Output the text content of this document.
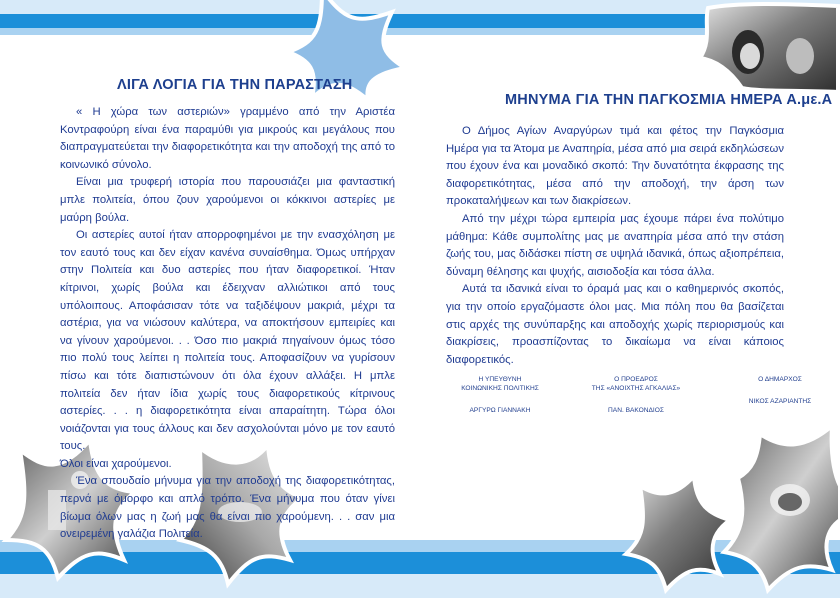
ΛΙΓΑ ΛΟΓΙΑ ΓΙΑ ΤΗΝ ΠΑΡΑΣΤΑΣΗ

« Η χώρα των αστεριών» γραμμένο από την Αριστέα Κοντραφούρη είναι ένα παραμύθι για μικρούς και μεγάλους που διαπραγματεύεται την διαφορετικότητα και την αποδοχή της από το κοινωνικό σύνολο.

Είναι μια τρυφερή ιστορία που παρουσιάζει μια φανταστική μπλε πολιτεία, όπου ζουν χαρούμενοι οι κόκκινοι αστερίες με μαύρη βούλα.

Οι αστερίες αυτοί ήταν απορροφημένοι με την ενασχόληση με τον εαυτό τους και δεν είχαν κανένα συναίσθημα. Όμως υπήρχαν στην Πολιτεία και δυο αστερίες που ήταν διαφορετικοί. Ήταν κίτρινοι, χωρίς βούλα και έδειχναν αλλιώτικοι από τους υπόλοιπους. Αποφάσισαν τότε να ταξιδέψουν μακριά, μέχρι τα αστέρια, για να νιώσουν καλύτερα, να αποκτήσουν εμπειρίες και να γίνουν χαρούμενοι. . . Όσο πιο μακριά πηγαίνουν όμως τόσο πιο πολύ τους λείπει η πολιτεία τους. Αποφασίζουν να γυρίσουν πίσω και τότε διαπιστώνουν ότι όλα έχουν αλλάξει. Η μπλε πολιτεία δεν ήταν ίδια χωρίς τους διαφορετικούς κίτρινους αστερίες. . . η διαφορετικότητα είναι απαραίτητη. Τώρα όλοι νοιάζονται για τους άλλους και δεν ασχολούνται μόνο με τον εαυτό τους.

Όλοι είναι χαρούμενοι.

Ένα σπουδαίο μήνυμα για την αποδοχή της διαφορετικότητας, περνά με όμορφο και απλό τρόπο. Ένα μήνυμα που όταν γίνει βίωμα όλων μας η ζωή μας θα είναι πιο χαρούμενη. . . σαν μια ονειρεμένη γαλάζια Πολιτεία.

ΜΗΝΥΜΑ ΓΙΑ ΤΗΝ ΠΑΓΚΟΣΜΙΑ ΗΜΕΡΑ Α.με.Α

Ο Δήμος Αγίων Αναργύρων τιμά και φέτος την Παγκόσμια Ημέρα για τα Άτομα με Αναπηρία, μέσα από μια σειρά εκδηλώσεων που έχουν ένα και μοναδικό σκοπό: Την δυνατότητα έκφρασης της διαφορετικότητας, μέσα από την αποδοχή, την άρση των προκαταλήψεων και των διακρίσεων.

Από την μέχρι τώρα εμπειρία μας έχουμε πάρει ένα πολύτιμο μάθημα: Κάθε συμπολίτης μας με αναπηρία μέσα από την στάση ζωής του, μας διδάσκει πίστη σε υψηλά ιδανικά, όπως αξιοπρέπεια, δύναμη θέλησης και ψυχής, αισιοδοξία και τόσα άλλα.

Αυτά τα ιδανικά είναι το όραμά μας και ο καθημερινός σκοπός, για την οποίο εργαζόμαστε όλοι μας. Μια πόλη που θα βασίζεται στις αρχές της συνύπαρξης και αποδοχής χωρίς περιορισμούς και διακρίσεις, προασπίζοντας το δικαίωμα να είναι κάποιος διαφορετικός.

Η ΥΠΕΥΘΥΝΗ
ΚΟΙΝΩΝΙΚΗΣ ΠΟΛΙΤΙΚΗΣ
ΑΡΓΥΡΩ ΓΙΑΝΝΑΚΗ
Ο ΠΡΟΕΔΡΟΣ
ΤΗΣ «ΑΝΟΙΧΤΗΣ ΑΓΚΑΛΙΑΣ»
ΠΑΝ. ΒΑΚΟΝΔΙΟΣ
Ο ΔΗΜΑΡΧΟΣ
ΝΙΚΟΣ ΑΖΑΡΙΑΝΤΗΣ
